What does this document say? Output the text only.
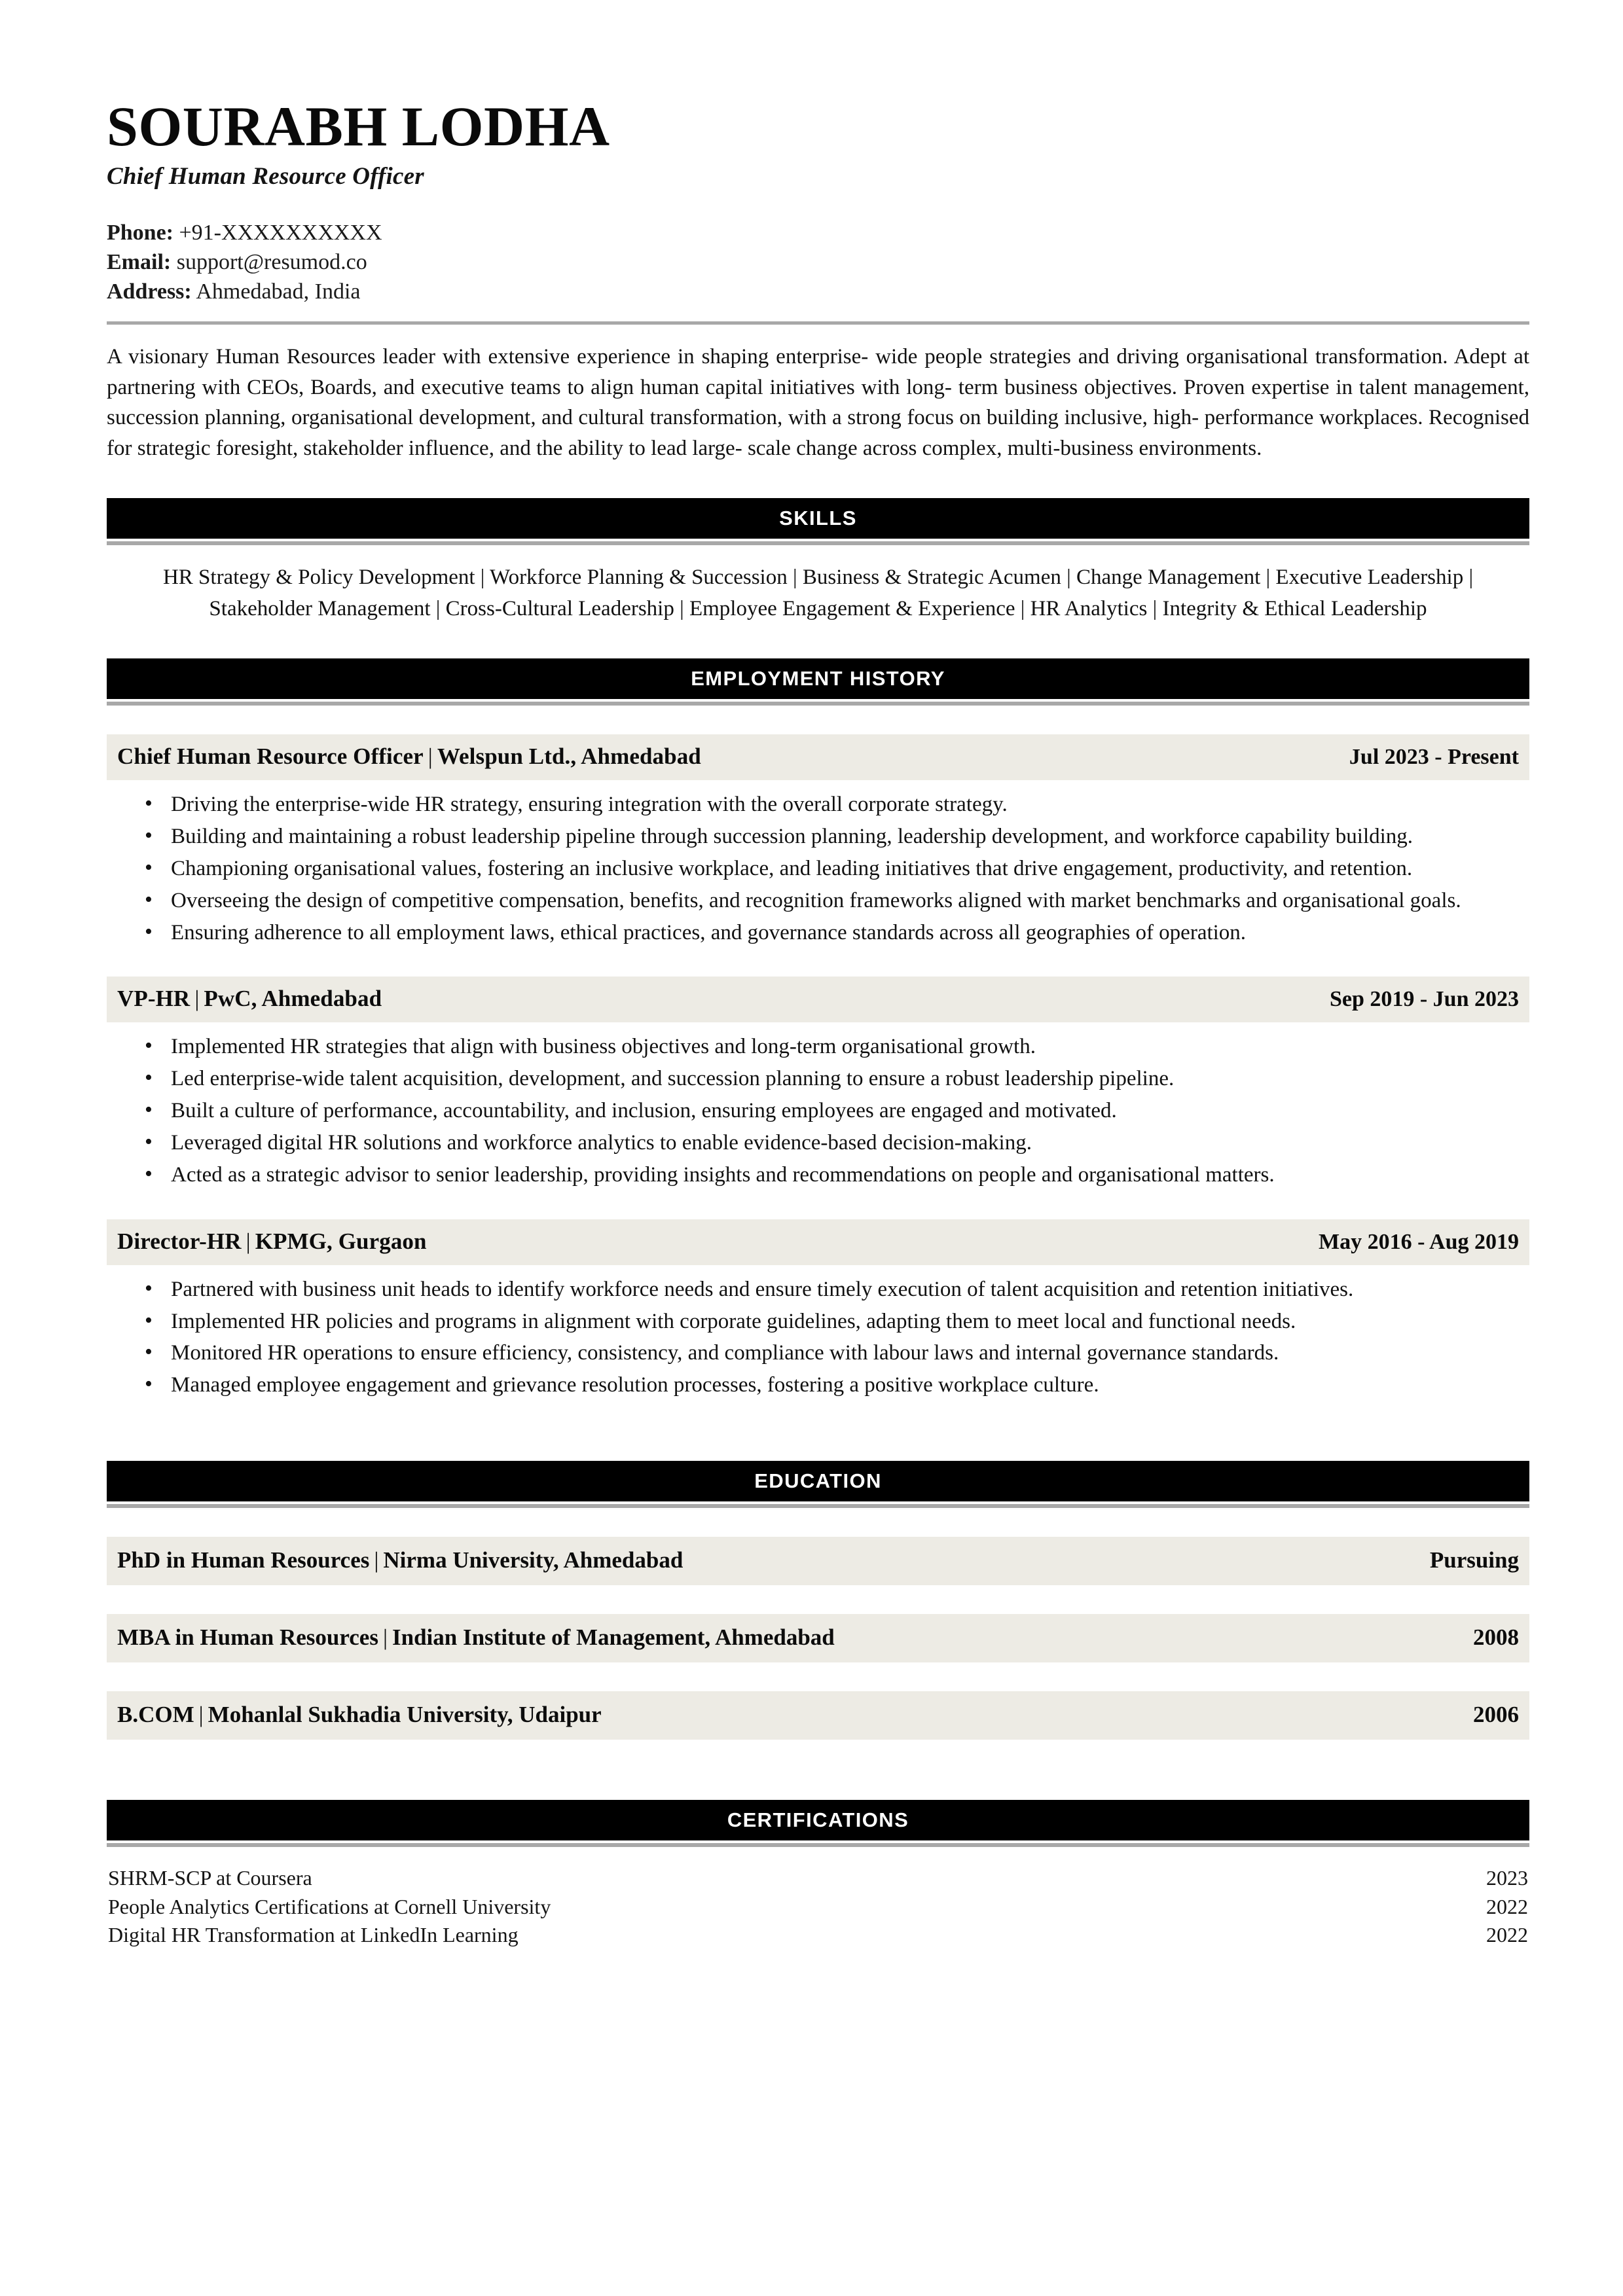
SOURABH LODHA
Chief Human Resource Officer
Phone: +91-XXXXXXXXXX
Email: support@resumod.co
Address: Ahmedabad, India
A visionary Human Resources leader with extensive experience in shaping enterprise- wide people strategies and driving organisational transformation. Adept at partnering with CEOs, Boards, and executive teams to align human capital initiatives with long- term business objectives. Proven expertise in talent management, succession planning, organisational development, and cultural transformation, with a strong focus on building inclusive, high- performance workplaces. Recognised for strategic foresight, stakeholder influence, and the ability to lead large- scale change across complex, multi-business environments.
SKILLS
HR Strategy & Policy Development | Workforce Planning & Succession | Business & Strategic Acumen | Change Management | Executive Leadership | Stakeholder Management | Cross-Cultural Leadership | Employee Engagement & Experience | HR Analytics | Integrity & Ethical Leadership
EMPLOYMENT HISTORY
Chief Human Resource Officer | Welspun Ltd., Ahmedabad	Jul 2023 - Present
• Driving the enterprise-wide HR strategy, ensuring integration with the overall corporate strategy.
• Building and maintaining a robust leadership pipeline through succession planning, leadership development, and workforce capability building.
• Championing organisational values, fostering an inclusive workplace, and leading initiatives that drive engagement, productivity, and retention.
• Overseeing the design of competitive compensation, benefits, and recognition frameworks aligned with market benchmarks and organisational goals.
• Ensuring adherence to all employment laws, ethical practices, and governance standards across all geographies of operation.
VP-HR | PwC, Ahmedabad	Sep 2019 - Jun 2023
• Implemented HR strategies that align with business objectives and long-term organisational growth.
• Led enterprise-wide talent acquisition, development, and succession planning to ensure a robust leadership pipeline.
• Built a culture of performance, accountability, and inclusion, ensuring employees are engaged and motivated.
• Leveraged digital HR solutions and workforce analytics to enable evidence-based decision-making.
• Acted as a strategic advisor to senior leadership, providing insights and recommendations on people and organisational matters.
Director-HR | KPMG, Gurgaon	May 2016 - Aug 2019
• Partnered with business unit heads to identify workforce needs and ensure timely execution of talent acquisition and retention initiatives.
• Implemented HR policies and programs in alignment with corporate guidelines, adapting them to meet local and functional needs.
• Monitored HR operations to ensure efficiency, consistency, and compliance with labour laws and internal governance standards.
• Managed employee engagement and grievance resolution processes, fostering a positive workplace culture.
EDUCATION
PhD in Human Resources | Nirma University, Ahmedabad	Pursuing
MBA in Human Resources | Indian Institute of Management, Ahmedabad	2008
B.COM | Mohanlal Sukhadia University, Udaipur	2006
CERTIFICATIONS
SHRM-SCP at Coursera	2023
People Analytics Certifications at Cornell University	2022
Digital HR Transformation at LinkedIn Learning	2022
